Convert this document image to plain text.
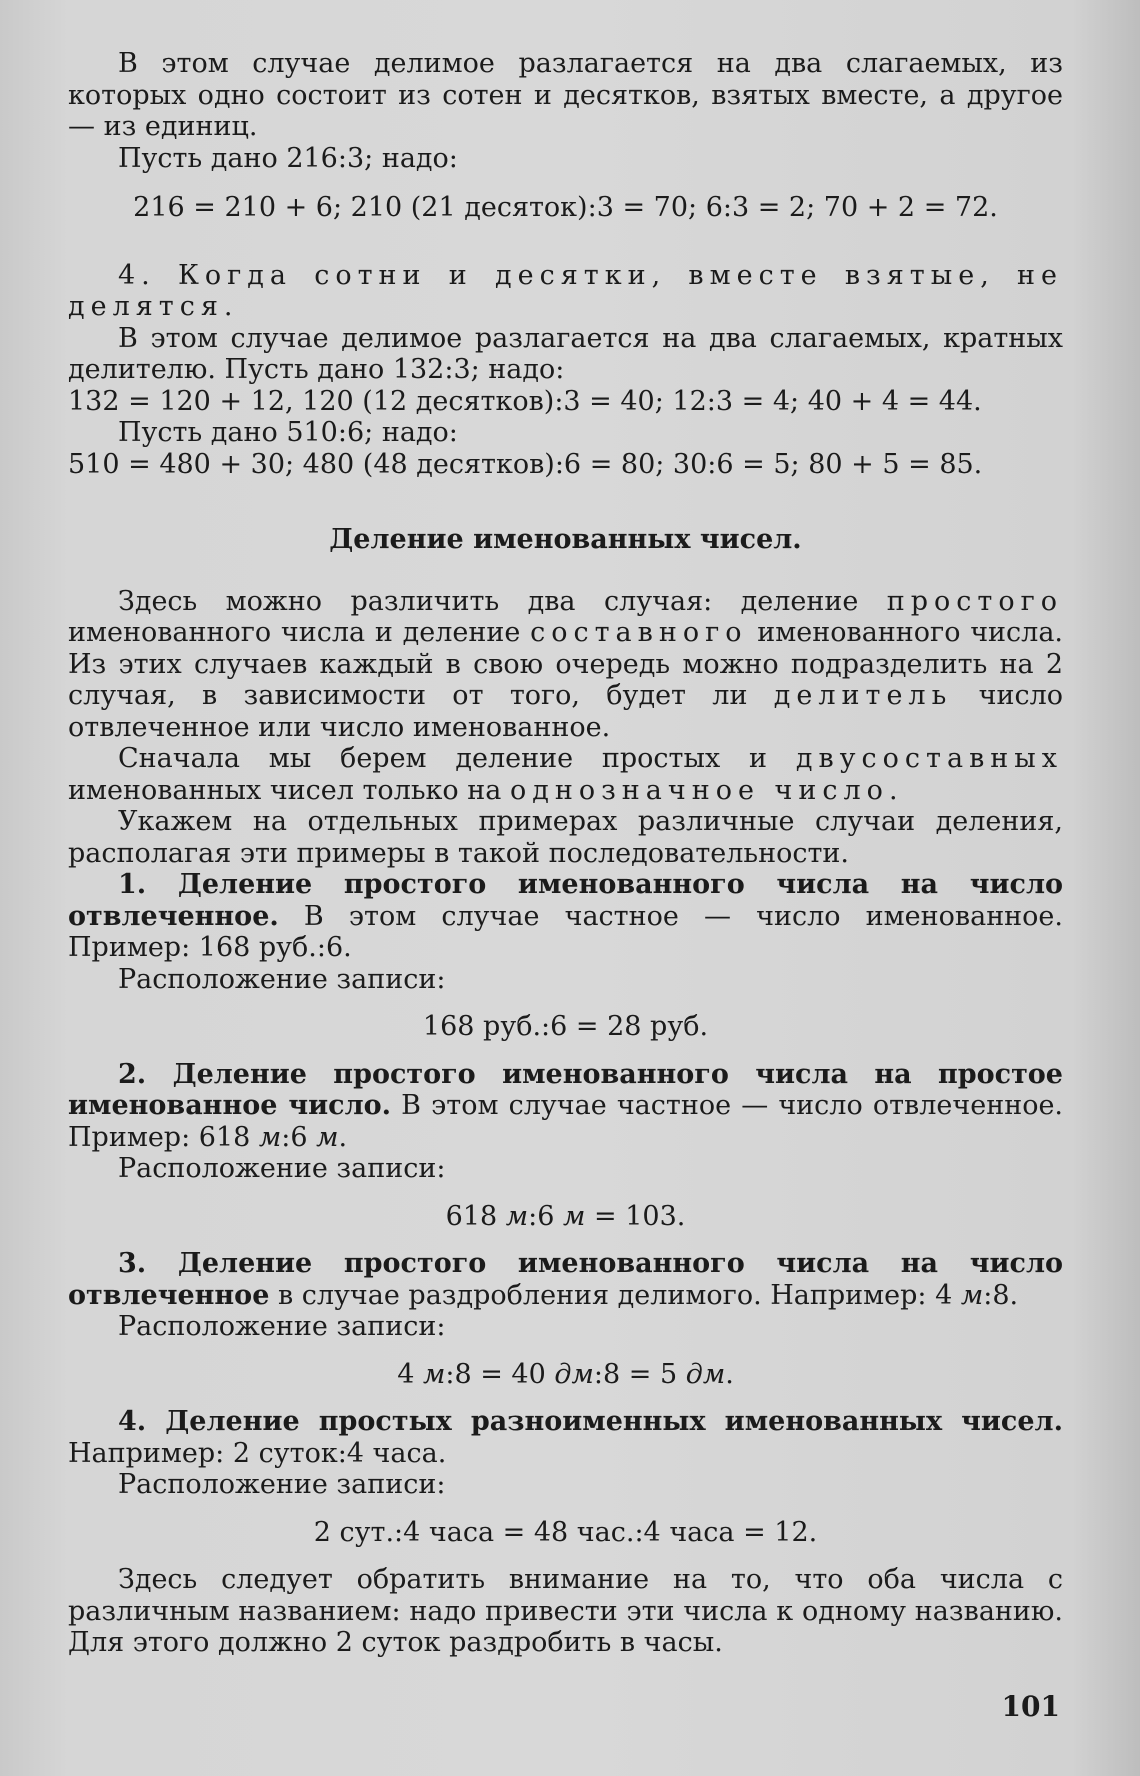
В этом случае делимое разлагается на два слагаемых, из которых одно состоит из сотен и десятков, взятых вместе, а другое — из единиц.

Пусть дано 216:3; надо:

216 = 210 + 6; 210 (21 десяток):3 = 70; 6:3 = 2; 70 + 2 = 72.

4. Когда сотни и десятки, вместе взятые, не делятся.

В этом случае делимое разлагается на два слагаемых, кратных делителю. Пусть дано 132:3; надо:

132 = 120 + 12, 120 (12 десятков):3 = 40; 12:3 = 4; 40 + 4 = 44.

Пусть дано 510:6; надо:

510 = 480 + 30; 480 (48 десятков):6 = 80; 30:6 = 5; 80 + 5 = 85.

Деление именованных чисел.

Здесь можно различить два случая: деление простого именованного числа и деление составного именованного числа. Из этих случаев каждый в свою очередь можно подразделить на 2 случая, в зависимости от того, будет ли делитель число отвлеченное или число именованное.

Сначала мы берем деление простых и двусоставных именованных чисел только на однозначное число.

Укажем на отдельных примерах различные случаи деления, располагая эти примеры в такой последовательности.

1. Деление простого именованного числа на число отвлеченное. В этом случае частное — число именованное. Пример: 168 руб.:6.

Расположение записи:

168 руб.:6 = 28 руб.

2. Деление простого именованного числа на простое именованное число. В этом случае частное — число отвлеченное. Пример: 618 м:6 м.

Расположение записи:

618 м:6 м = 103.

3. Деление простого именованного числа на число отвлеченное в случае раздробления делимого. Например: 4 м:8.

Расположение записи:

4 м:8 = 40 дм:8 = 5 дм.

4. Деление простых разноименных именованных чисел. Например: 2 суток:4 часа.

Расположение записи:

2 сут.:4 часа = 48 час.:4 часа = 12.

Здесь следует обратить внимание на то, что оба числа с различным названием: надо привести эти числа к одному названию. Для этого должно 2 суток раздробить в часы.

101
